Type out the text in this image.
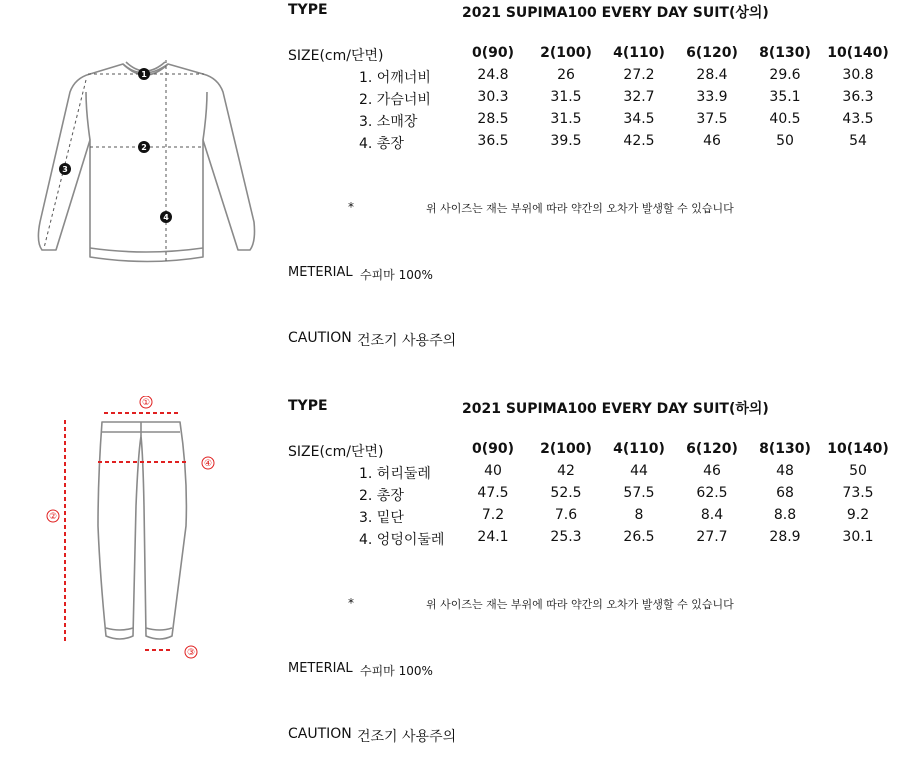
1
2
3
4
TYPE	2021 SUPIMA100 EVERY DAY SUIT(상의)
SIZE(cm/단면)	0(90)	2(100)	4(110)	6(120)	8(130)	10(140)
1. 어깨너비	24.8	26	27.2	28.4	29.6	30.8
2. 가슴너비	30.3	31.5	32.7	33.9	35.1	36.3
3. 소매장	28.5	31.5	34.5	37.5	40.5	43.5
4. 총장	36.5	39.5	42.5	46	50	54
*	위 사이즈는 재는 부위에 따라 약간의 오차가 발생할 수 있습니다
METERIAL 수피마 100%
CAUTION 건조기 사용주의
①
②
③
④
TYPE	2021 SUPIMA100 EVERY DAY SUIT(하의)
SIZE(cm/단면)	0(90)	2(100)	4(110)	6(120)	8(130)	10(140)
1. 허리둘레	40	42	44	46	48	50
2. 총장	47.5	52.5	57.5	62.5	68	73.5
3. 밑단	7.2	7.6	8	8.4	8.8	9.2
4. 엉덩이둘레	24.1	25.3	26.5	27.7	28.9	30.1
*	위 사이즈는 재는 부위에 따라 약간의 오차가 발생할 수 있습니다
METERIAL 수피마 100%
CAUTION 건조기 사용주의
